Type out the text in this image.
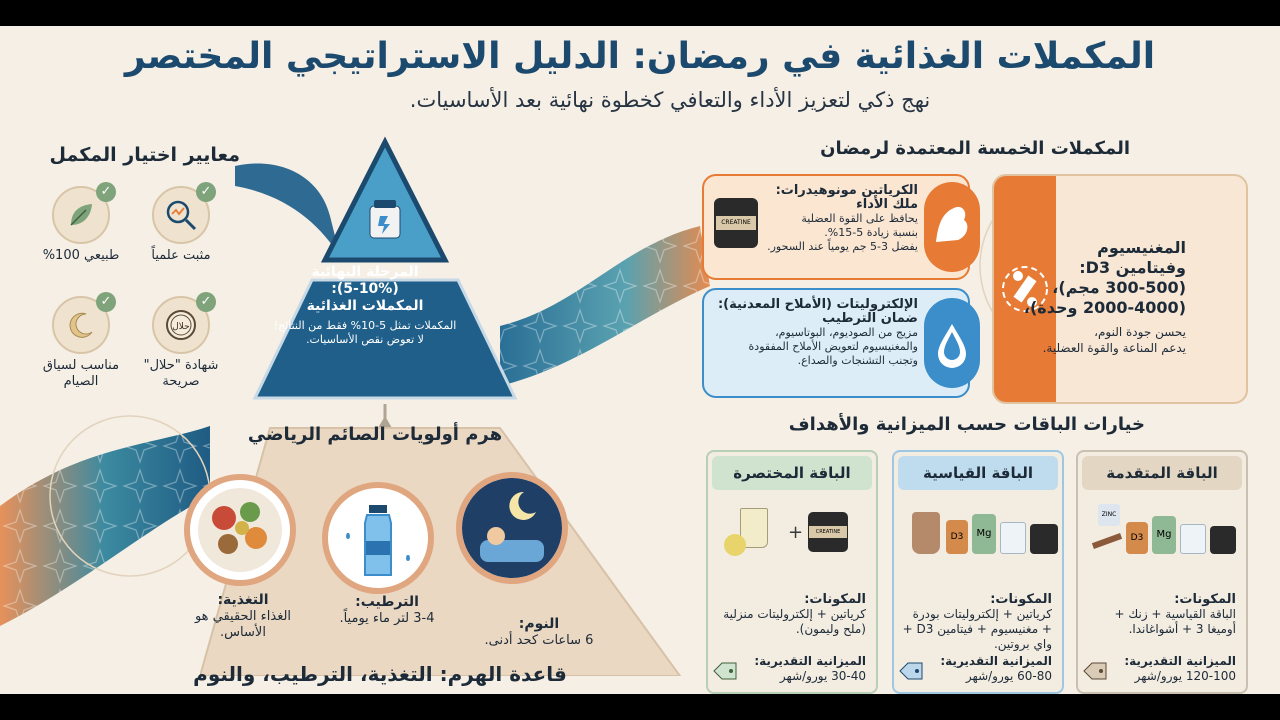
المكملات الغذائية في رمضان: الدليل الاستراتيجي المختصر
نهج ذكي لتعزيز الأداء والتعافي كخطوة نهائية بعد الأساسيات.
معايير اختيار المكمل
✓
طبيعي 100%
✓
مثبت علمياً
✓
مناسب لسياق الصيام
✓
حلال
شهادة "حلال" صريحة
المرحلة النهائية
(5-10%):
المكملات الغذائية
المكملات تمثل 5-10% فقط من النتائج!
لا تعوض نقص الأساسيات.
هرم أولويات الصائم الرياضي
النوم:
6 ساعات كحد أدنى.
الترطيب:
3-4 لتر ماء يومياً.
التغذية:
الغذاء الحقيقي هو الأساس.
قاعدة الهرم: التغذية، الترطيب، والنوم
المكملات الخمسة المعتمدة لرمضان
الكرياتين مونوهيدرات:
ملك الأداء
يحافظ على القوة العضلية
بنسبة زيادة 5-15%.
يفضل 3-5 جم يومياً عند السحور.
CREATINE
الإلكتروليتات (الأملاح المعدنية):
ضمان الترطيب
مزيج من الصوديوم، البوتاسيوم،
والمغنيسيوم لتعويض الأملاح المفقودة
وتجنب التشنجات والصداع.
المغنيسيوم
وفيتامين D3:
(300-500 مجم)،
(2000-4000 وحدة)،
يحسن جودة النوم،
يدعم المناعة والقوة العضلية.
خيارات الباقات حسب الميزانية والأهداف
الباقة المتقدمة
Mg
D3
ZINC
المكونات:
الباقة القياسية + زنك + أوميغا 3 + أشواغاندا.
الميزانية التقديرية:
120-100 يورو/شهر
الباقة القياسية
Mg
D3
المكونات:
كرياتين + إلكتروليتات بودرة + مغنيسيوم + فيتامين D3 + واي بروتين.
الميزانية التقديرية:
60-80 يورو/شهر
الباقة المختصرة
CREATINE
+
المكونات:
كرياتين + إلكتروليتات منزلية (ملح وليمون).
الميزانية التقديرية:
30-40 يورو/شهر
